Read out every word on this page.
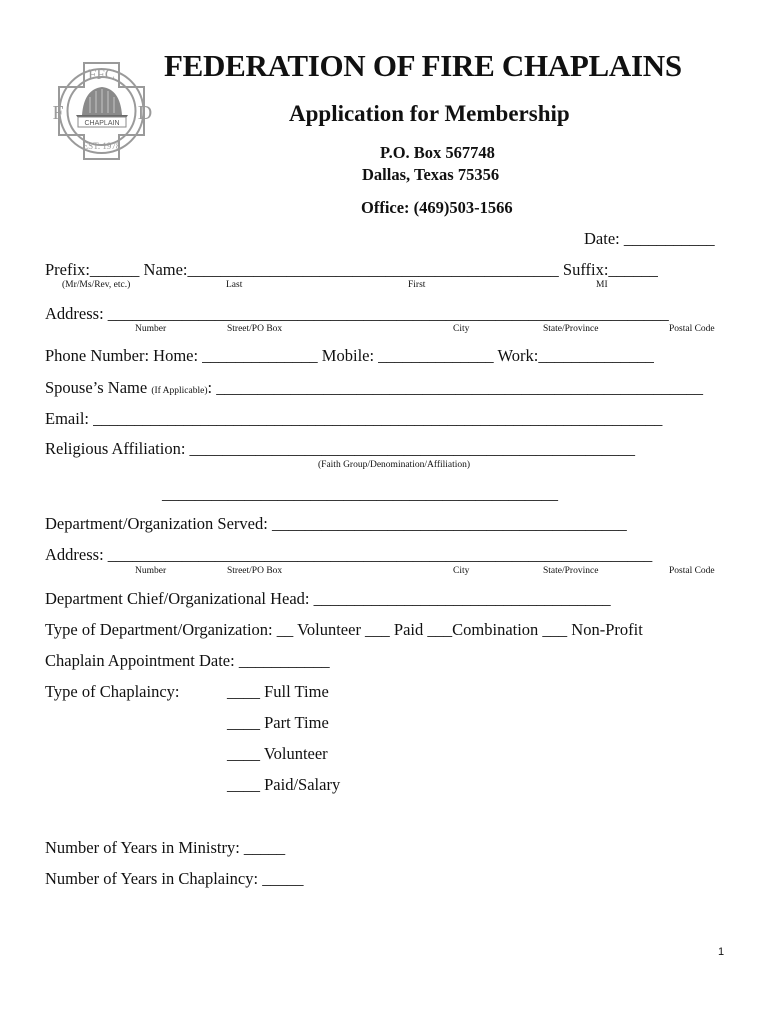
FFC
F	D
CHAPLAIN
EST. 1978
FEDERATION OF FIRE CHAPLAINS
Application for Membership
P.O. Box 567748
Dallas, Texas 75356
Office: (469)503-1566
Date: ___________
Prefix:______ Name:_____________________________________________ Suffix:______
(Mr/Ms/Rev, etc.)	Last	First	MI
Address: ____________________________________________________________________
Number	Street/PO Box	City	State/Province	Postal Code
Phone Number: Home: ______________ Mobile: ______________ Work:______________
Spouse’s Name (If Applicable): ___________________________________________________________
Email: _____________________________________________________________________
Religious Affiliation: ______________________________________________________
(Faith Group/Denomination/Affiliation)
________________________________________________
Department/Organization Served: ___________________________________________
Address: __________________________________________________________________
Number	Street/PO Box	City	State/Province	Postal Code
Department Chief/Organizational Head: ____________________________________
Type of Department/Organization: __ Volunteer ___ Paid ___Combination ___ Non-Profit
Chaplain Appointment Date: ___________
Type of Chaplaincy:	____ Full Time
____ Part Time
____ Volunteer
____ Paid/Salary
Number of Years in Ministry: _____
Number of Years in Chaplaincy: _____
1
